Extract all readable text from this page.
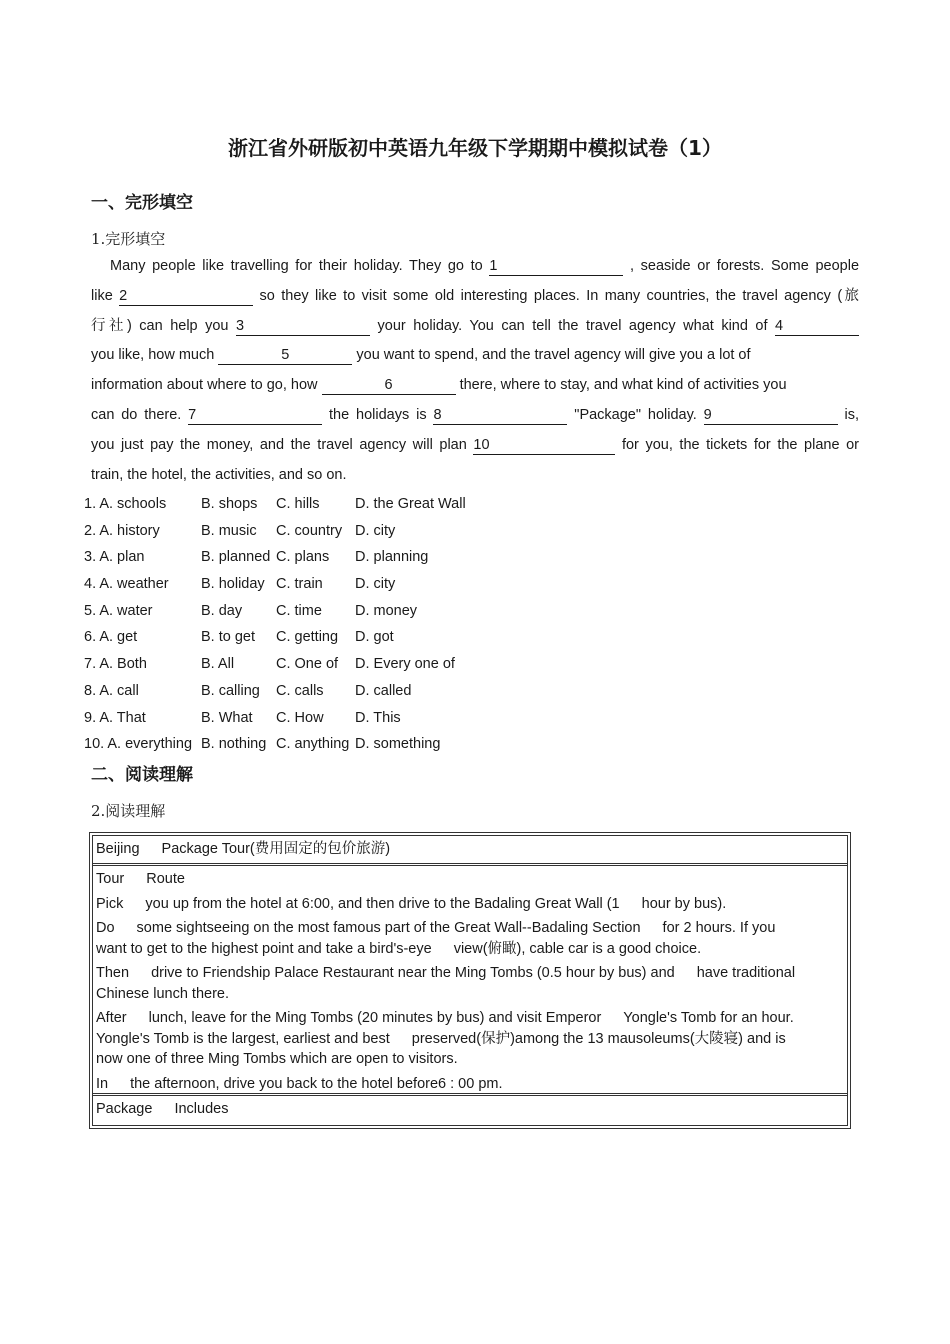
浙江省外研版初中英语九年级下学期期中模拟试卷（1）
一、完形填空
1.完形填空
Many people like travelling for their holiday. They go to 1	, seaside or forests. Some people
like 2	so they like to visit some old interesting places. In many countries, the travel agency (旅
行社) can help you 3	your holiday. You can tell the travel agency what kind of 4
you like, how much	5	you want to spend, and the travel agency will give you a lot of
information about where to go, how	6	there, where to stay, and what kind of activities you
can do there. 7	the holidays is 8	"Package" holiday. 9	is,
you just pay the money, and the travel agency will plan 10	for you, the tickets for the plane or
train, the hotel, the activities, and so on.
1. A. schools	B. shops	C. hills	D. the Great Wall
2. A. history	B. music	C. country D. city
3. A. plan	B. planned C. plans	D. planning
4. A. weather	B. holiday C. train	D. city
5. A. water	B. day	C. time	D. money
6. A. get	B. to get	C. getting	D. got
7. A. Both	B. All	C. One of	D. Every one of
8. A. call	B. calling	C. calls	D. called
9. A. That	B. What	C. How	D. This
10. A. everything B. nothing C. anything D. something
二、阅读理解
2.阅读理解
Beijing Package Tour(费用固定的包价旅游)
Tour Route
Pick you up from the hotel at 6:00, and then drive to the Badaling Great Wall (1 hour by bus).
Do some sightseeing on the most famous part of the Great Wall--Badaling Section for 2 hours. If you
want to get to the highest point and take a bird's-eye view(俯瞰), cable car is a good choice.
Then drive to Friendship Palace Restaurant near the Ming Tombs (0.5 hour by bus) and have traditional
Chinese lunch there.
After lunch, leave for the Ming Tombs (20 minutes by bus) and visit Emperor Yongle's Tomb for an hour.
Yongle's Tomb is the largest, earliest and best preserved(保护)among the 13 mausoleums(大陵寝) and is
now one of three Ming Tombs which are open to visitors.
In the afternoon, drive you back to the hotel before6 : 00 pm.
Package Includes
